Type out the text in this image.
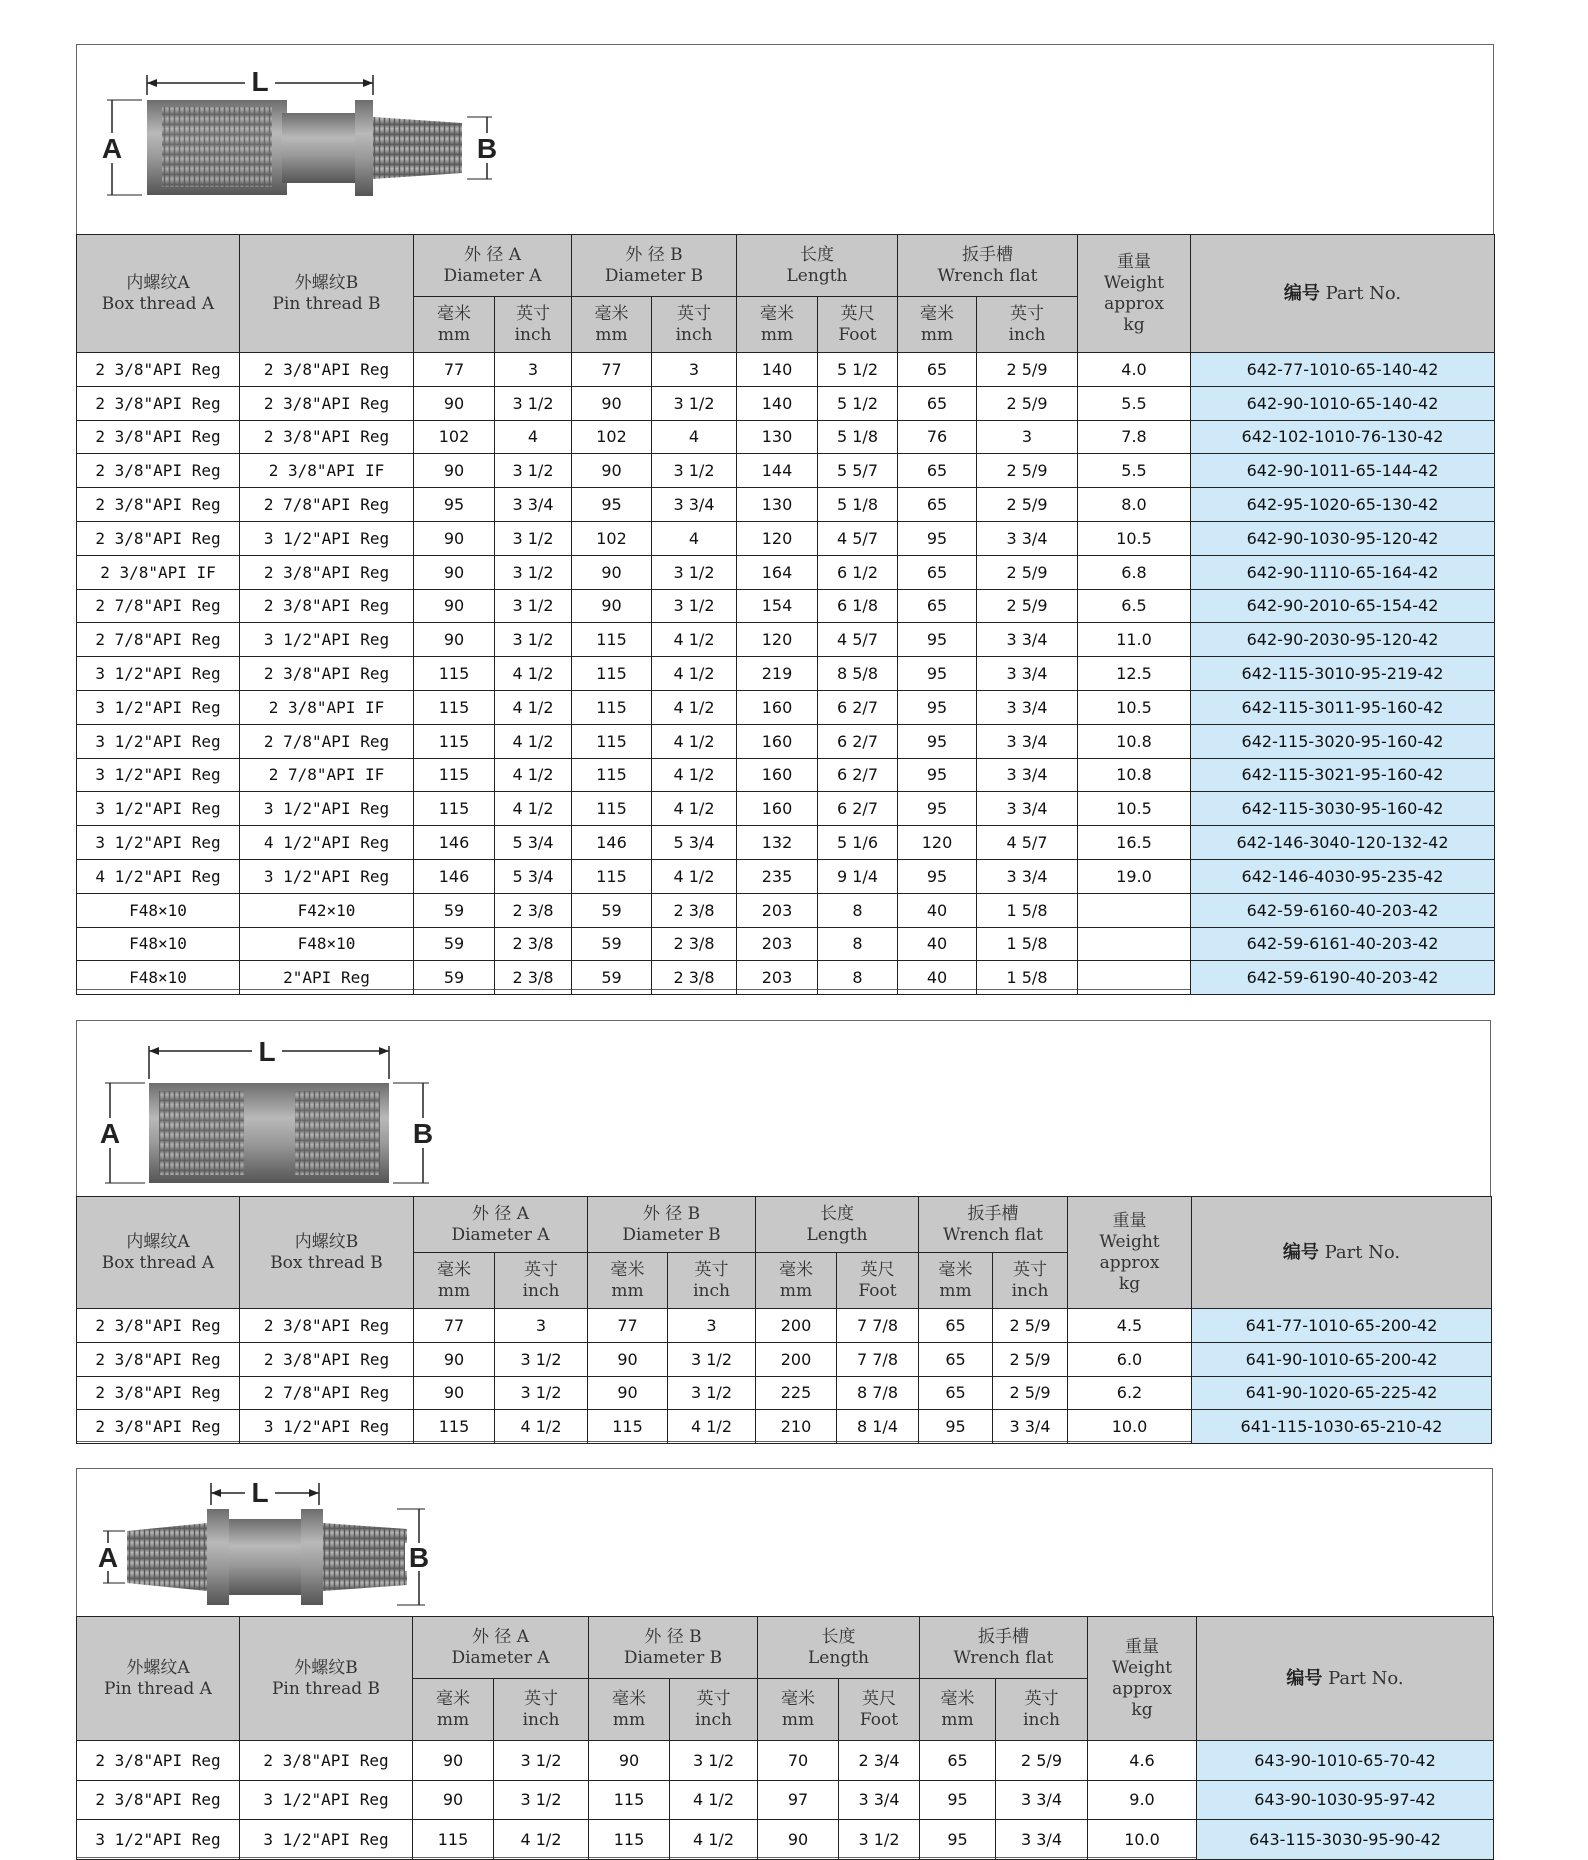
L
A	B
内螺纹A
Box thread A	外螺纹B
Pin thread B	外 径 A
Diameter A		外 径 B
Diameter B		长度
Length		扳手槽
Wrench flat		重量
Weight
approx
kg	编号 Part No.

		毫米
mm	英寸
inch	毫米
mm	英寸
inch	毫米
mm	英尺
Foot	毫米
mm	英寸
inch		

2 3/8"API Reg	2 3/8"API Reg	77	3	77	3	140	5 1/2	65	2 5/9	4.0	642-77-1010-65-140-42
2 3/8"API Reg	2 3/8"API Reg	90	3 1/2	90	3 1/2	140	5 1/2	65	2 5/9	5.5	642-90-1010-65-140-42
2 3/8"API Reg	2 3/8"API Reg	102	4	102	4	130	5 1/8	76	3	7.8	642-102-1010-76-130-42
2 3/8"API Reg	2 3/8"API IF	90	3 1/2	90	3 1/2	144	5 5/7	65	2 5/9	5.5	642-90-1011-65-144-42
2 3/8"API Reg	2 7/8"API Reg	95	3 3/4	95	3 3/4	130	5 1/8	65	2 5/9	8.0	642-95-1020-65-130-42
2 3/8"API Reg	3 1/2"API Reg	90	3 1/2	102	4	120	4 5/7	95	3 3/4	10.5	642-90-1030-95-120-42
2 3/8"API IF	2 3/8"API Reg	90	3 1/2	90	3 1/2	164	6 1/2	65	2 5/9	6.8	642-90-1110-65-164-42
2 7/8"API Reg	2 3/8"API Reg	90	3 1/2	90	3 1/2	154	6 1/8	65	2 5/9	6.5	642-90-2010-65-154-42
2 7/8"API Reg	3 1/2"API Reg	90	3 1/2	115	4 1/2	120	4 5/7	95	3 3/4	11.0	642-90-2030-95-120-42
3 1/2"API Reg	2 3/8"API Reg	115	4 1/2	115	4 1/2	219	8 5/8	95	3 3/4	12.5	642-115-3010-95-219-42
3 1/2"API Reg	2 3/8"API IF	115	4 1/2	115	4 1/2	160	6 2/7	95	3 3/4	10.5	642-115-3011-95-160-42
3 1/2"API Reg	2 7/8"API Reg	115	4 1/2	115	4 1/2	160	6 2/7	95	3 3/4	10.8	642-115-3020-95-160-42
3 1/2"API Reg	2 7/8"API IF	115	4 1/2	115	4 1/2	160	6 2/7	95	3 3/4	10.8	642-115-3021-95-160-42
3 1/2"API Reg	3 1/2"API Reg	115	4 1/2	115	4 1/2	160	6 2/7	95	3 3/4	10.5	642-115-3030-95-160-42
3 1/2"API Reg	4 1/2"API Reg	146	5 3/4	146	5 3/4	132	5 1/6	120	4 5/7	16.5	642-146-3040-120-132-42
4 1/2"API Reg	3 1/2"API Reg	146	5 3/4	115	4 1/2	235	9 1/4	95	3 3/4	19.0	642-146-4030-95-235-42
F48×10	F42×10	59	2 3/8	59	2 3/8	203	8	40	1 5/8		642-59-6160-40-203-42
F48×10	F48×10	59	2 3/8	59	2 3/8	203	8	40	1 5/8		642-59-6161-40-203-42
F48×10	2"API Reg	59	2 3/8	59	2 3/8	203	8	40	1 5/8		642-59-6190-40-203-42
L
A	B
内螺纹A
Box thread A	内螺纹B
Box thread B	外 径 A
Diameter A		外 径 B
Diameter B		长度
Length		扳手槽
Wrench flat		重量
Weight
approx
kg	编号 Part No.

		毫米
mm	英寸
inch	毫米
mm	英寸
inch	毫米
mm	英尺
Foot	毫米
mm	英寸
inch		

2 3/8"API Reg	2 3/8"API Reg	77	3	77	3	200	7 7/8	65	2 5/9	4.5	641-77-1010-65-200-42
2 3/8"API Reg	2 3/8"API Reg	90	3 1/2	90	3 1/2	200	7 7/8	65	2 5/9	6.0	641-90-1010-65-200-42
2 3/8"API Reg	2 7/8"API Reg	90	3 1/2	90	3 1/2	225	8 7/8	65	2 5/9	6.2	641-90-1020-65-225-42
2 3/8"API Reg	3 1/2"API Reg	115	4 1/2	115	4 1/2	210	8 1/4	95	3 3/4	10.0	641-115-1030-65-210-42
L
A	B
外螺纹A
Pin thread A	外螺纹B
Pin thread B	外 径 A
Diameter A		外 径 B
Diameter B		长度
Length		扳手槽
Wrench flat		重量
Weight
approx
kg	编号 Part No.

		毫米
mm	英寸
inch	毫米
mm	英寸
inch	毫米
mm	英尺
Foot	毫米
mm	英寸
inch		

2 3/8"API Reg	2 3/8"API Reg	90	3 1/2	90	3 1/2	70	2 3/4	65	2 5/9	4.6	643-90-1010-65-70-42
2 3/8"API Reg	3 1/2"API Reg	90	3 1/2	115	4 1/2	97	3 3/4	95	3 3/4	9.0	643-90-1030-95-97-42
3 1/2"API Reg	3 1/2"API Reg	115	4 1/2	115	4 1/2	90	3 1/2	95	3 3/4	10.0	643-115-3030-95-90-42
